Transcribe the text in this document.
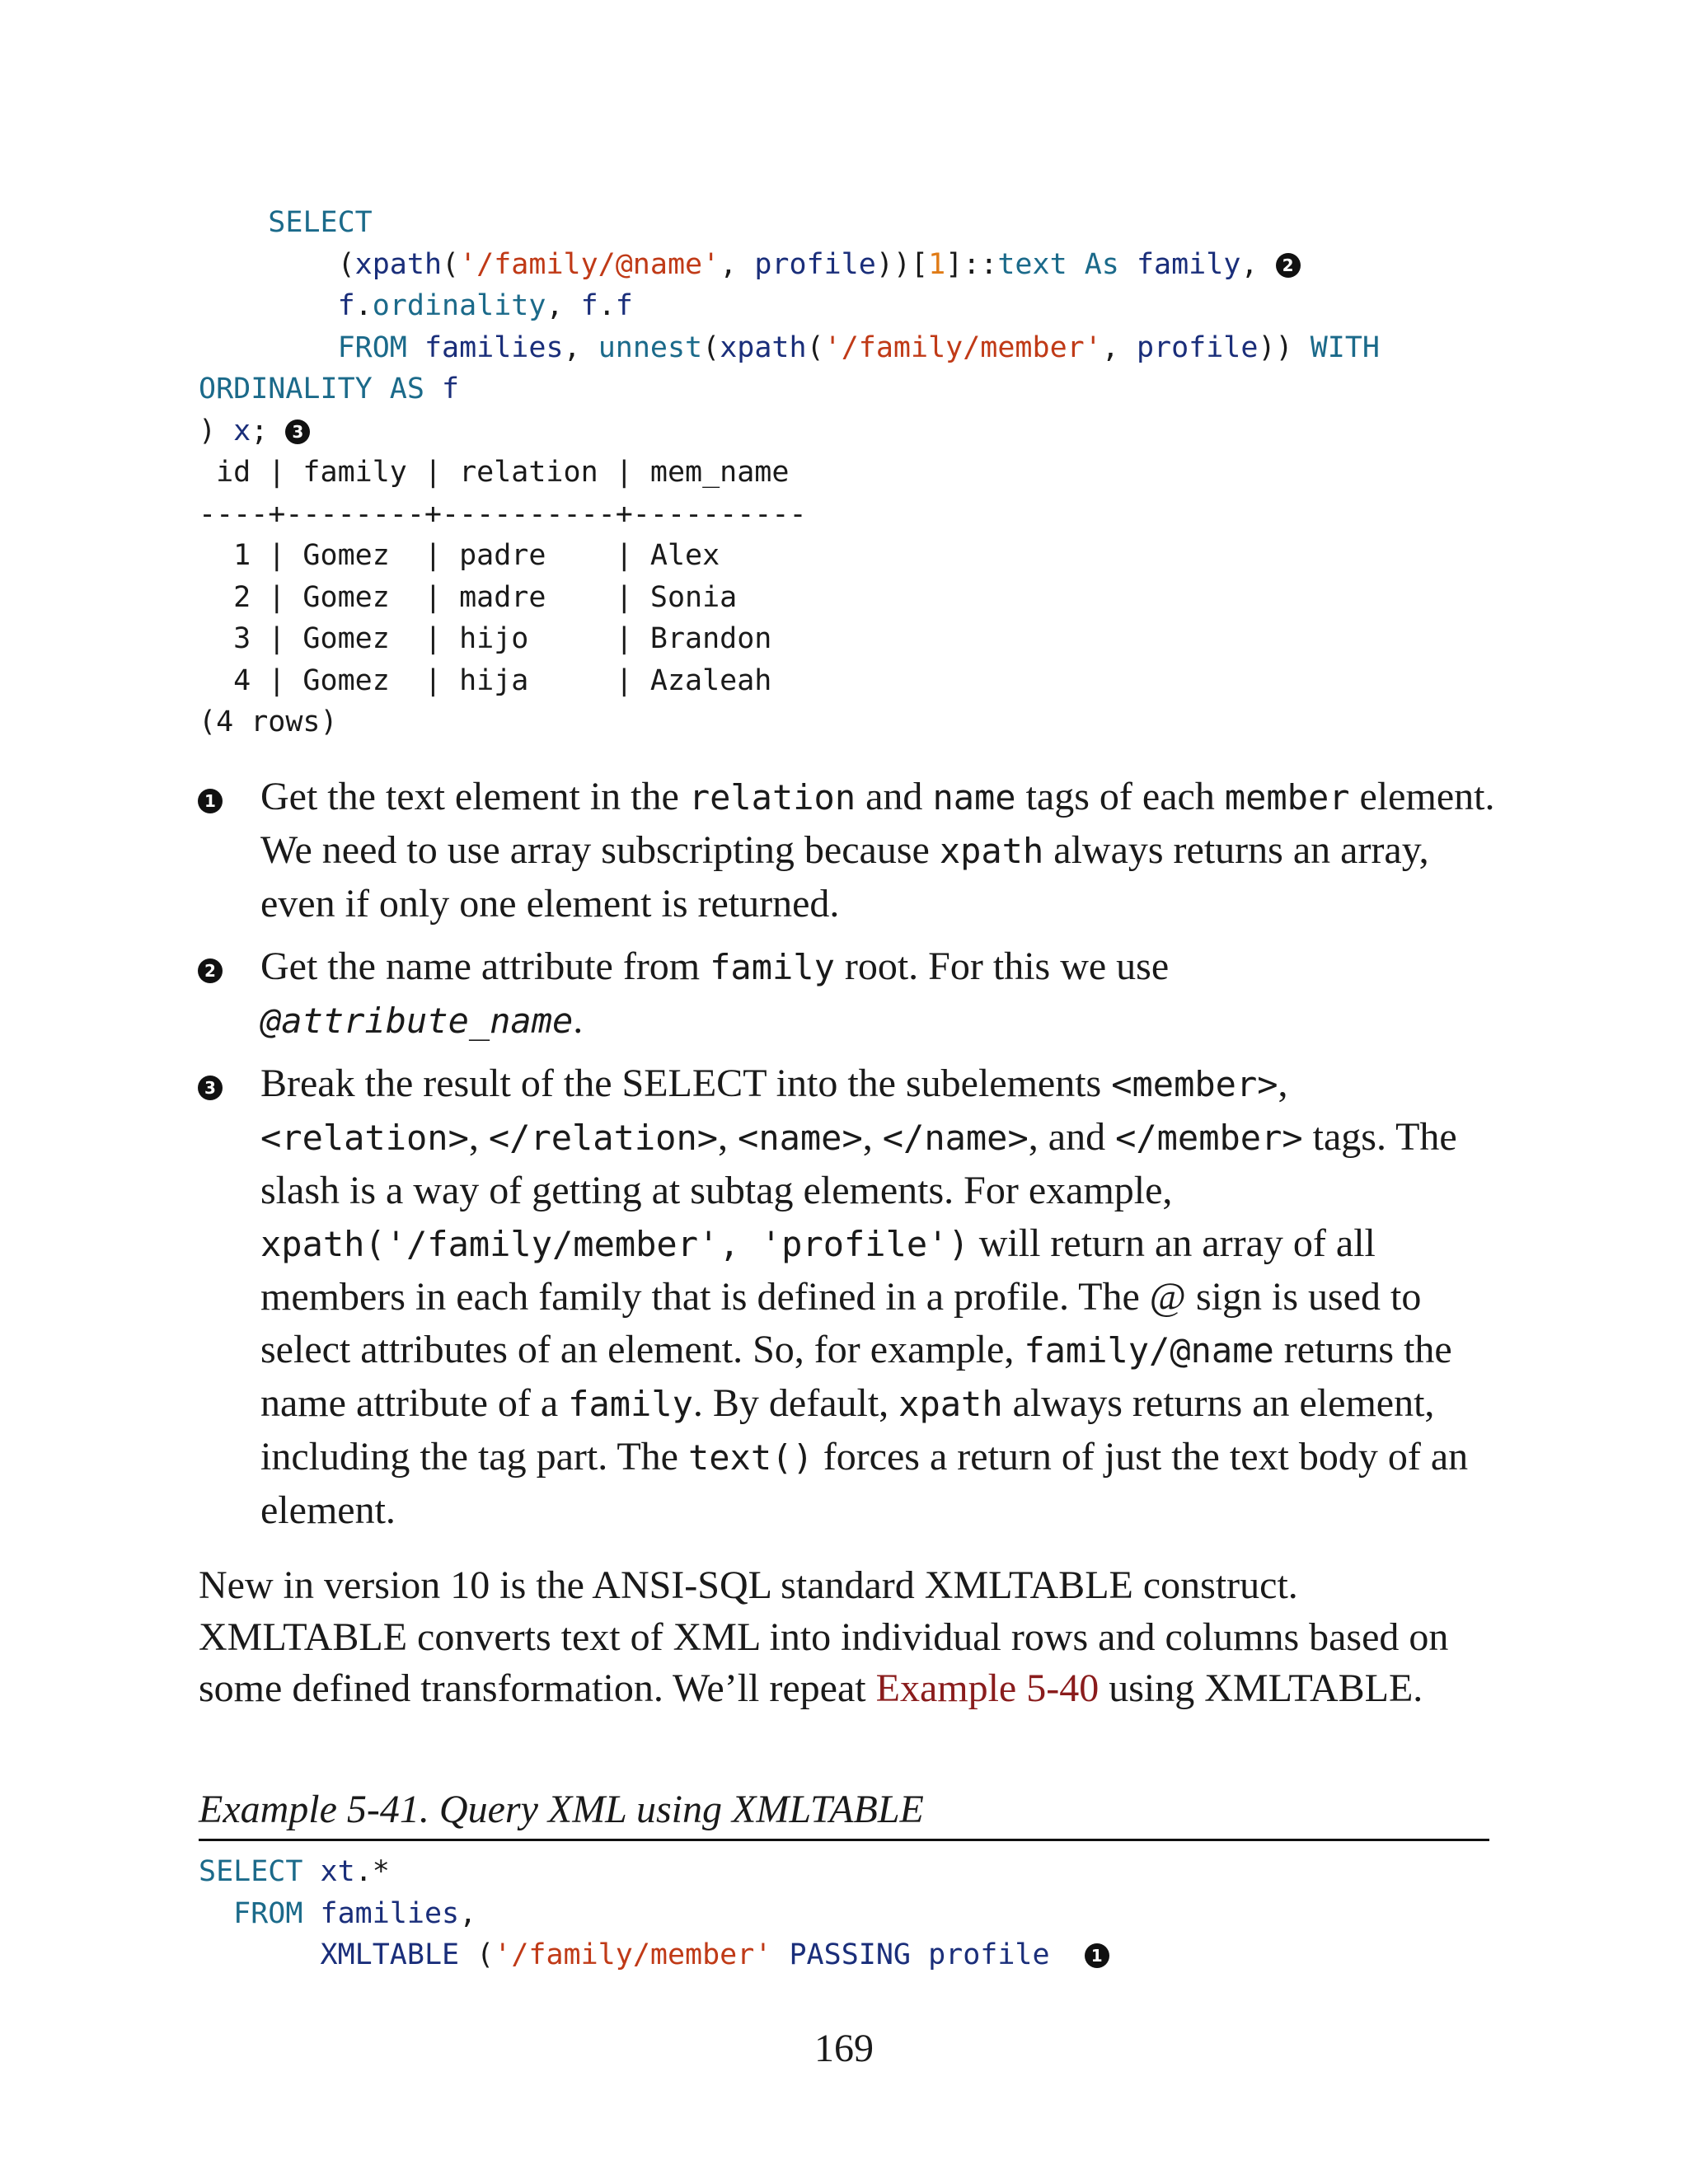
SELECT
(xpath('/family/@name', profile))[1]::text As family, 2
f.ordinality, f.f
FROM families, unnest(xpath('/family/member', profile)) WITH
ORDINALITY AS f
) x; 3
id | family | relation | mem_name
----+--------+----------+----------
1 | Gomez  | padre    | Alex
2 | Gomez  | madre    | Sonia
3 | Gomez  | hijo     | Brandon
4 | Gomez  | hija     | Azaleah
(4 rows)
1 Get the text element in the relation and name tags of each member element. We need to use array subscripting because xpath always returns an array, even if only one element is returned.
2 Get the name attribute from family root. For this we use @attribute_name.
3 Break the result of the SELECT into the subelements <member>, <relation>, </relation>, <name>, </name>, and </member> tags. The slash is a way of getting at subtag elements. For example, xpath('/family/member', 'profile') will return an array of all members in each family that is defined in a profile. The @ sign is used to select attributes of an element. So, for example, family/@name returns the name attribute of a family. By default, xpath always returns an element, including the tag part. The text() forces a return of just the text body of an element.
New in version 10 is the ANSI-SQL standard XMLTABLE construct. XMLTABLE converts text of XML into individual rows and columns based on some defined transformation. We’ll repeat Example 5-40 using XMLTABLE.
Example 5-41. Query XML using XMLTABLE
SELECT xt.*
FROM families,
XMLTABLE ('/family/member' PASSING profile	1
169
